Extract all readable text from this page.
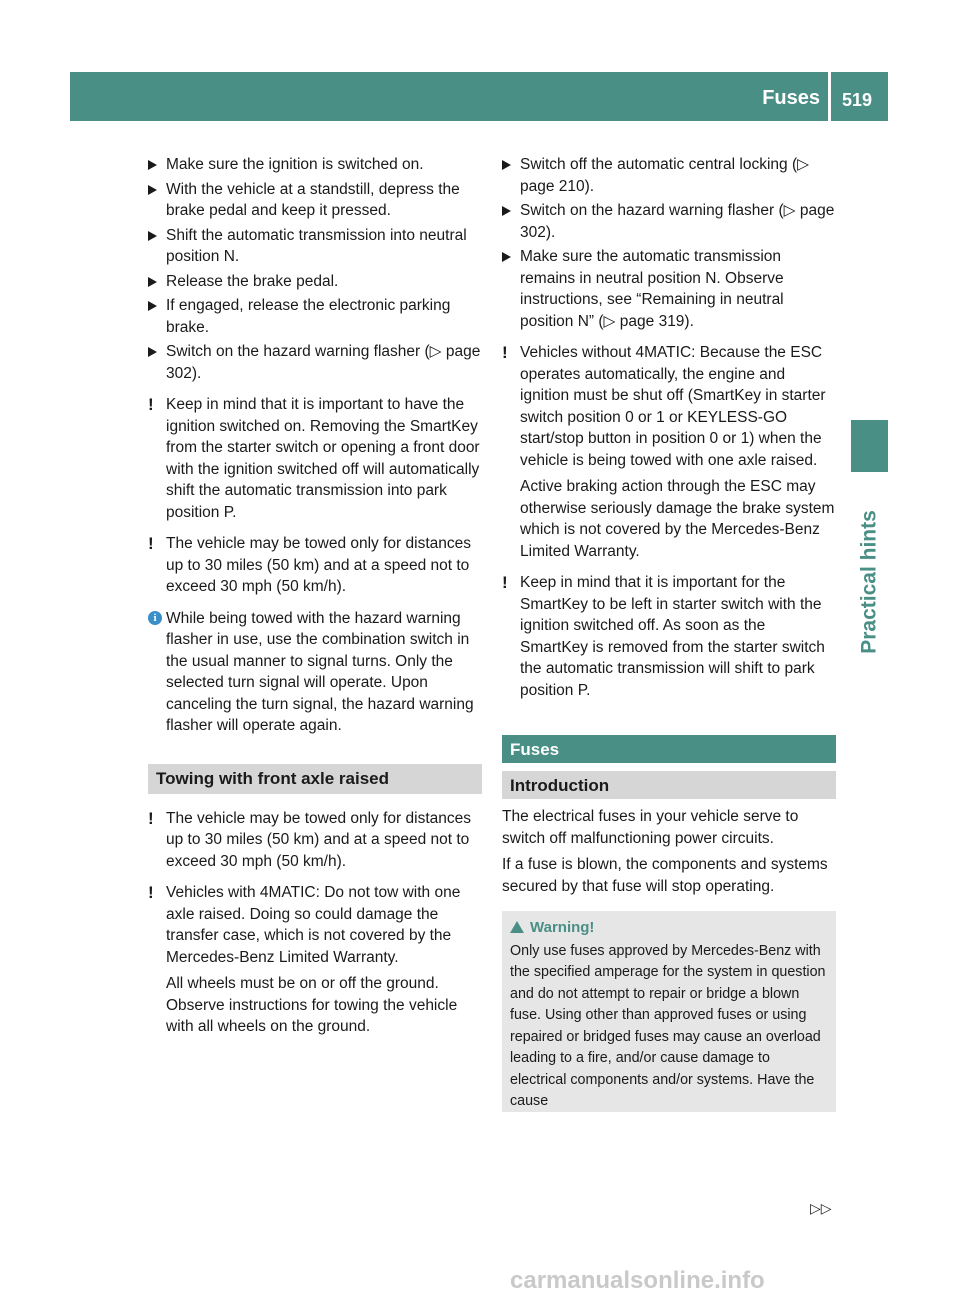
Fuses 519
Practical hints
Make sure the ignition is switched on.
With the vehicle at a standstill, depress the brake pedal and keep it pressed.
Shift the automatic transmission into neutral position N.
Release the brake pedal.
If engaged, release the electronic parking brake.
Switch on the hazard warning flasher (▷ page 302).
! Keep in mind that it is important to have the ignition switched on. Removing the SmartKey from the starter switch or opening a front door with the ignition switched off will automatically shift the automatic transmission into park position P.

! The vehicle may be towed only for distances up to 30 miles (50 km) and at a speed not to exceed 30 mph (50 km/h).

i While being towed with the hazard warning flasher in use, use the combination switch in the usual manner to signal turns. Only the selected turn signal will operate. Upon canceling the turn signal, the hazard warning flasher will operate again.

Towing with front axle raised
! The vehicle may be towed only for distances up to 30 miles (50 km) and at a speed not to exceed 30 mph (50 km/h).

! Vehicles with 4MATIC: Do not tow with one axle raised. Doing so could damage the transfer case, which is not covered by the Mercedes-Benz Limited Warranty.

All wheels must be on or off the ground. Observe instructions for towing the vehicle with all wheels on the ground.

Switch off the automatic central locking (▷ page 210).
Switch on the hazard warning flasher (▷ page 302).
Make sure the automatic transmission remains in neutral position N. Observe instructions, see “Remaining in neutral position N” (▷ page 319).
! Vehicles without 4MATIC: Because the ESC operates automatically, the engine and ignition must be shut off (SmartKey in starter switch position 0 or 1 or KEYLESS-GO start/stop button in position 0 or 1) when the vehicle is being towed with one axle raised.

Active braking action through the ESC may otherwise seriously damage the brake system which is not covered by the Mercedes-Benz Limited Warranty.

! Keep in mind that it is important for the SmartKey to be left in starter switch with the ignition switched off. As soon as the SmartKey is removed from the starter switch the automatic transmission will shift to park position P.

Fuses
Introduction

The electrical fuses in your vehicle serve to switch off malfunctioning power circuits.

If a fuse is blown, the components and systems secured by that fuse will stop operating.

Warning!
Only use fuses approved by Mercedes-Benz with the specified amperage for the system in question and do not attempt to repair or bridge a blown fuse. Using other than approved fuses or using repaired or bridged fuses may cause an overload leading to a fire, and/or cause damage to electrical components and/or systems. Have the cause
▷▷
carmanualsonline.info
